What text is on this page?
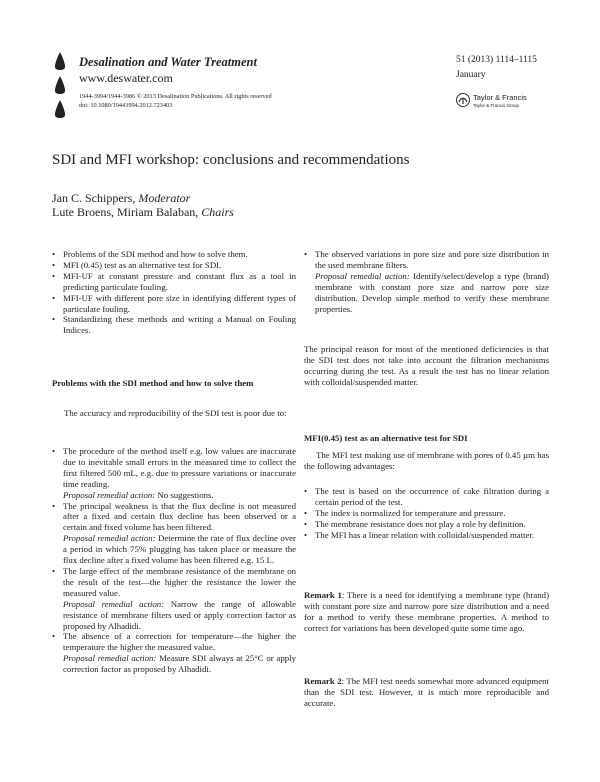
Desalination and Water Treatment
www.deswater.com
1944-3994/1944-3986 © 2013 Desalination Publications. All rights reserved
doi: 10.1080/19443994.2012.723403
51 (2013) 1114–1115
January
Taylor & Francis
Taylor & Francis Group
SDI and MFI workshop: conclusions and recommendations
Jan C. Schippers, Moderator
Lute Broens, Miriam Balaban, Chairs
• Problems of the SDI method and how to solve them.
• MFI (0.45) test as an alternative test for SDI.
• MFI-UF at constant pressure and constant flux as a tool in predicting particulate fouling.
• MFI-UF with different pore size in identifying different types of particulate fouling.
• Standardizing these methods and writing a Manual on Fouling Indices.
Problems with the SDI method and how to solve them
The accuracy and reproducibility of the SDI test is poor due to:
• The procedure of the method itself e.g. low values are inaccurate due to inevitable small errors in the measured time to collect the first filtered 500 mL, e.g. due to pressure variations or inaccurate time reading.
Proposal remedial action: No suggestions.
• The principal weakness is that the flux decline is not measured after a fixed and certain flux decline has been observed or a certain and fixed volume has been filtered.
Proposal remedial action: Determine the rate of flux decline over a period in which 75% plugging has taken place or measure the flux decline after a fixed volume has been filtered e.g. 15 L.
• The large effect of the membrane resistance of the membrane on the result of the test—the higher the resistance the lower the measured value.
Proposal remedial action: Narrow the range of allowable resistance of membrane filters used or apply correction factor as proposed by Alhadidi.
• The absence of a correction for temperature—the higher the temperature the higher the measured value.
Proposal remedial action: Measure SDI always at 25°C or apply correction factor as proposed by Alhadidi.
• The observed variations in pore size and pore size distribution in the used membrane filters.
Proposal remedial action: Identify/select/develop a type (brand) membrane with constant pore size and narrow pore size distribution. Develop simple method to verify these membrane properties.
The principal reason for most of the mentioned deficiencies is that the SDI test does not take into account the filtration mechanisms occurring during the test. As a result the test has no linear relation with colloidal/suspended matter.
MFI(0.45) test as an alternative test for SDI
The MFI test making use of membrane with pores of 0.45 µm has the following advantages:
• The test is based on the occurrence of cake filtration during a certain period of the test.
• The index is normalized for temperature and pressure.
• The membrane resistance does not play a role by definition.
• The MFI has a linear relation with colloidal/suspended matter.
Remark 1: There is a need for identifying a membrane type (brand) with constant pore size and narrow pore size distribution and a need for a method to verify these membrane properties. A method to correct for variations has been developed quite some time ago.
Remark 2: The MFI test needs somewhat more advanced equipment than the SDI test. However, it is much more reproducible and accurate.
